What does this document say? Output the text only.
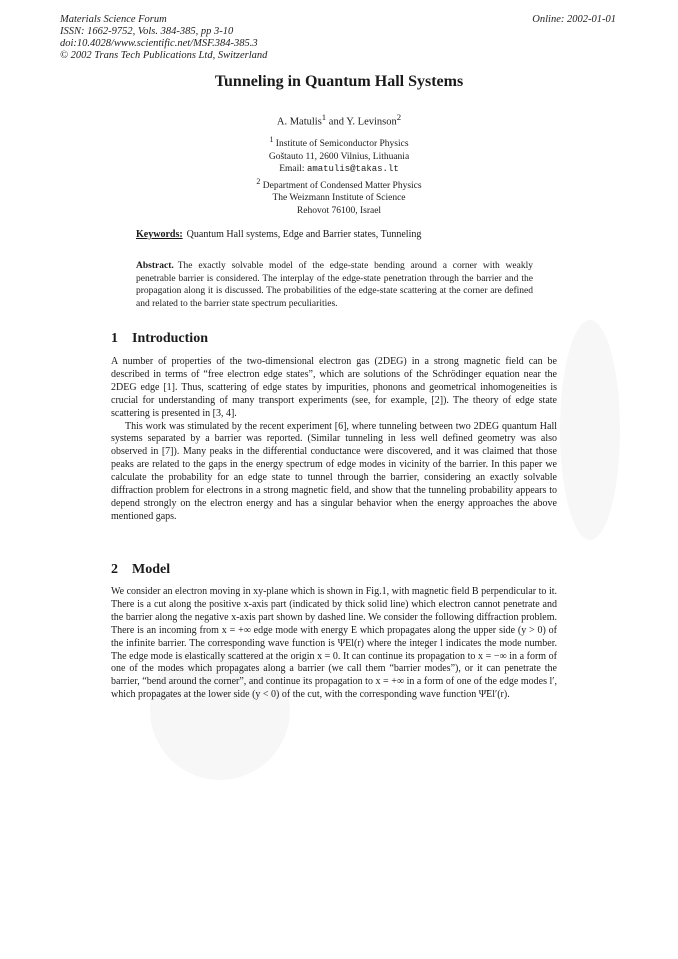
Materials Science Forum
ISSN: 1662-9752, Vols. 384-385, pp 3-10
doi:10.4028/www.scientific.net/MSF.384-385.3
© 2002 Trans Tech Publications Ltd, Switzerland
Online: 2002-01-01
Tunneling in Quantum Hall Systems
A. Matulis$^1$ and Y. Levinson$^2$
$^1$ Institute of Semiconductor Physics
Goštauto 11, 2600 Vilnius, Lithuania
Email: amatulis@takas.lt
$^2$ Department of Condensed Matter Physics
The Weizmann Institute of Science
Rehovot 76100, Israel
Keywords: Quantum Hall systems, Edge and Barrier states, Tunneling
Abstract. The exactly solvable model of the edge-state bending around a corner with weakly penetrable barrier is considered. The interplay of the edge-state penetration through the barrier and the propagation along it is discussed. The probabilities of the edge-state scattering at the corner are defined and related to the barrier state spectrum peculiarities.
1 Introduction

A number of properties of the two-dimensional electron gas (2DEG) in a strong magnetic field can be described in terms of “free electron edge states”, which are solutions of the Schrödinger equation near the 2DEG edge [1]. Thus, scattering of edge states by impurities, phonons and geometrical inhomogeneities is crucial for understanding of many transport experiments (see, for example, [2]). The theory of edge state scattering is presented in [3, 4].

This work was stimulated by the recent experiment [6], where tunneling between two 2DEG quantum Hall systems separated by a barrier was reported. (Similar tunneling in less well defined geometry was also observed in [7]). Many peaks in the differential conductance were discovered, and it was claimed that those peaks are related to the gaps in the energy spectrum of edge modes in vicinity of the barrier. In this paper we calculate the probability for an edge state to tunnel through the barrier, considering an exactly solvable diffraction problem for electrons in a strong magnetic field, and show that the tunneling probability appears to depend strongly on the electron energy and has a singular behavior when the energy approaches the above mentioned gaps.

2 Model

We consider an electron moving in xy-plane which is shown in Fig.1, with magnetic field B perpendicular to it. There is a cut along the positive x-axis part (indicated by thick solid line) which electron cannot penetrate and the barrier along the negative x-axis part shown by dashed line. We consider the following diffraction problem. There is an incoming from x = +∞ edge mode with energy E which propagates along the upper side (y > 0) of the infinite barrier. The corresponding wave function is ΨEl(r) where the integer l indicates the mode number. The edge mode is elastically scattered at the origin x = 0. It can continue its propagation to x = −∞ in a form of one of the modes which propagates along a barrier (we call them “barrier modes”), or it can penetrate the barrier, “bend around the corner”, and continue its propagation to x = +∞ in a form of one of the edge modes l′, which propagates at the lower side (y < 0) of the cut, with the corresponding wave function Ψ̃El′(r).
